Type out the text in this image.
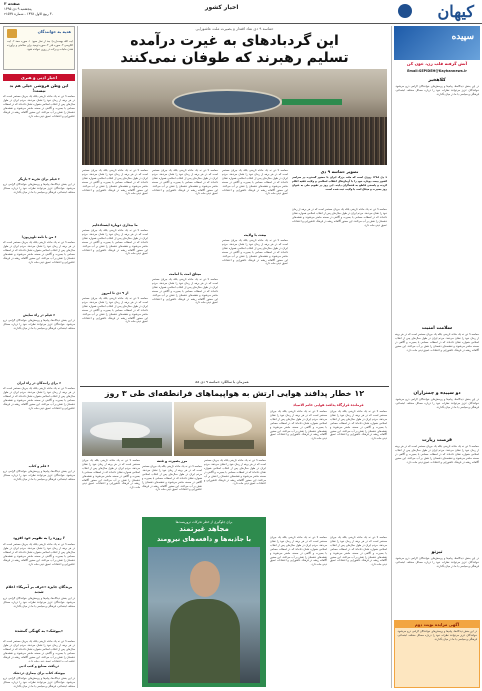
صفحه ۳
پنجشنبه ۹ دی ۱۳۹۵
۳۰ ربیع الاول ۱۴۳۸ - شماره ۲۱۵۳۷
اخبار کشور	کیهان
هدیه به خوانندگان
آیت الله بهجت(ره): بعد از نماز صبح: ۱. سوره حمد ۲. آیت الکرسی ۳. سوره قدر ۴. سوره توحید برای سلامتی و برآورده شدن حاجات و برکت در روزی خوانده شود.
اخبار ادبی و هنری
این وطن فروشی خیلی هم بد نیست!
حماسه ۹ دی نه یک حادثه تاریخی بلکه یک جریان مستمر است که در هر برهه از زمان خود را نشان می‌دهد. مردم ایران در طول سال‌های پس از انقلاب اسلامی همواره نشان داده‌اند که در لحظات حساس با بصیرت و آگاهی در صحنه حاضر می‌شوند و نقشه‌های دشمنان را نقش بر آب می‌کنند. این حضور آگاهانه ریشه در فرهنگ عاشورایی و اعتقادات عمیق دینی ملت دارد.
۶ فیلم برای تجربه ۳ بازیگر
در این بخش دیدگاه‌ها، پیام‌ها و پرسش‌های خوانندگان گرامی درج می‌شود. خوانندگان عزیز می‌توانند نظرات خود را درباره مسائل مختلف اجتماعی، فرهنگی و سیاسی با ما در میان بگذارند.
۶ من با نامه تلویزیون!
حماسه ۹ دی نه یک حادثه تاریخی بلکه یک جریان مستمر است که در هر برهه از زمان خود را نشان می‌دهد. مردم ایران در طول سال‌های پس از انقلاب اسلامی همواره نشان داده‌اند که در لحظات حساس با بصیرت و آگاهی در صحنه حاضر می‌شوند و نقشه‌های دشمنان را نقش بر آب می‌کنند. این حضور آگاهانه ریشه در فرهنگ عاشورایی و اعتقادات عمیق دینی ملت دارد.
۶ فیلم در راه نمایش
در این بخش دیدگاه‌ها، پیام‌ها و پرسش‌های خوانندگان گرامی درج می‌شود. خوانندگان عزیز می‌توانند نظرات خود را درباره مسائل مختلف اجتماعی، فرهنگی و سیاسی با ما در میان بگذارند.
۶ برای رانندگان در راه ایران
حماسه ۹ دی نه یک حادثه تاریخی بلکه یک جریان مستمر است که در هر برهه از زمان خود را نشان می‌دهد. مردم ایران در طول سال‌های پس از انقلاب اسلامی همواره نشان داده‌اند که در لحظات حساس با بصیرت و آگاهی در صحنه حاضر می‌شوند و نقشه‌های دشمنان را نقش بر آب می‌کنند. این حضور آگاهانه ریشه در فرهنگ عاشورایی و اعتقادات عمیق دینی ملت دارد.
۶ فلم و کتاب
در این بخش دیدگاه‌ها، پیام‌ها و پرسش‌های خوانندگان گرامی درج می‌شود. خوانندگان عزیز می‌توانند نظرات خود را درباره مسائل مختلف اجتماعی، فرهنگی و سیاسی با ما در میان بگذارند.
۶ روزه را به تقویم خود افزود
حماسه ۹ دی نه یک حادثه تاریخی بلکه یک جریان مستمر است که در هر برهه از زمان خود را نشان می‌دهد. مردم ایران در طول سال‌های پس از انقلاب اسلامی همواره نشان داده‌اند که در لحظات حساس با بصیرت و آگاهی در صحنه حاضر می‌شوند و نقشه‌های دشمنان را نقش بر آب می‌کنند. این حضور آگاهانه ریشه در فرهنگ عاشورایی و اعتقادات عمیق دینی ملت دارد.
برندگان جایزه «حرف بر آمریکا» اعلام شدند
در این بخش دیدگاه‌ها، پیام‌ها و پرسش‌های خوانندگان گرامی درج می‌شود. خوانندگان عزیز می‌توانند نظرات خود را درباره مسائل مختلف اجتماعی، فرهنگی و سیاسی با ما در میان بگذارند.
«بیوشک» به کهنگی گمشده
حماسه ۹ دی نه یک حادثه تاریخی بلکه یک جریان مستمر است که در هر برهه از زمان خود را نشان می‌دهد. مردم ایران در طول سال‌های پس از انقلاب اسلامی همواره نشان داده‌اند که در لحظات حساس با بصیرت و آگاهی در صحنه حاضر می‌شوند و نقشه‌های دشمنان را نقش بر آب می‌کنند. این حضور آگاهانه ریشه در فرهنگ عاشورایی و اعتقادات عمیق دینی ملت دارد.
دریافت صنایع و کتب ادبی
بیوشک کتاب برای بیماری دردشک
در این بخش دیدگاه‌ها، پیام‌ها و پرسش‌های خوانندگان گرامی درج می‌شود. خوانندگان عزیز می‌توانند نظرات خود را درباره مسائل مختلف اجتماعی، فرهنگی و سیاسی با ما در میان بگذارند.
سپیده
آتش گرفته قلب زن، خون کن
Email:SEPIDEH@Kayhannews.ir
کلاهخبر
در این بخش دیدگاه‌ها، پیام‌ها و پرسش‌های خوانندگان گرامی درج می‌شود. خوانندگان عزیز می‌توانند نظرات خود را درباره مسائل مختلف اجتماعی، فرهنگی و سیاسی با ما در میان بگذارند.
سلامت امنیت
حماسه ۹ دی نه یک حادثه تاریخی بلکه یک جریان مستمر است که در هر برهه از زمان خود را نشان می‌دهد. مردم ایران در طول سال‌های پس از انقلاب اسلامی همواره نشان داده‌اند که در لحظات حساس با بصیرت و آگاهی در صحنه حاضر می‌شوند و نقشه‌های دشمنان را نقش بر آب می‌کنند. این حضور آگاهانه ریشه در فرهنگ عاشورایی و اعتقادات عمیق دینی ملت دارد.
دو سپیده و چمنزاران
در این بخش دیدگاه‌ها، پیام‌ها و پرسش‌های خوانندگان گرامی درج می‌شود. خوانندگان عزیز می‌توانند نظرات خود را درباره مسائل مختلف اجتماعی، فرهنگی و سیاسی با ما در میان بگذارند.
فرصت زیارت
حماسه ۹ دی نه یک حادثه تاریخی بلکه یک جریان مستمر است که در هر برهه از زمان خود را نشان می‌دهد. مردم ایران در طول سال‌های پس از انقلاب اسلامی همواره نشان داده‌اند که در لحظات حساس با بصیرت و آگاهی در صحنه حاضر می‌شوند و نقشه‌های دشمنان را نقش بر آب می‌کنند. این حضور آگاهانه ریشه در فرهنگ عاشورایی و اعتقادات عمیق دینی ملت دارد.
تیزتو
در این بخش دیدگاه‌ها، پیام‌ها و پرسش‌های خوانندگان گرامی درج می‌شود. خوانندگان عزیز می‌توانند نظرات خود را درباره مسائل مختلف اجتماعی، فرهنگی و سیاسی با ما در میان بگذارند.
آگهی مزایده نوبت دوم
در این بخش دیدگاه‌ها، پیام‌ها و پرسش‌های خوانندگان گرامی درج می‌شود. خوانندگان عزیز می‌توانند نظرات خود را درباره مسائل مختلف اجتماعی، فرهنگی و سیاسی با ما در میان بگذارند.
حماسه ۹ دی نماد اقتدار و بصیرت ملت عاشورایی
این گردبادهای به غیرت درآمده
تسلیم رهبرند که طوفان نمی‌کنند
تصویر حماسه ۹ دی
۹ دی ۱۳۸۸ روزی است که ملت بزرگ ایران با حضور گسترده در سراسر کشور بیعت دوباره خود را با آرمان‌های انقلاب اسلامی و ولایت فقیه اعلام کردند و پاسخی قاطع به فتنه‌گران دادند. این روز در تقویم ملی به عنوان روز بصیرت و میثاق امت با ولایت ثبت شده است.
حماسه ۹ دی نه یک حادثه تاریخی بلکه یک جریان مستمر است که در هر برهه از زمان خود را نشان می‌دهد. مردم ایران در طول سال‌های پس از انقلاب اسلامی همواره نشان داده‌اند که در لحظات حساس با بصیرت و آگاهی در صحنه حاضر می‌شوند و نقشه‌های دشمنان را نقش بر آب می‌کنند. این حضور آگاهانه ریشه در فرهنگ عاشورایی و اعتقادات عمیق دینی ملت دارد.
حماسه ۹ دی نه یک حادثه تاریخی بلکه یک جریان مستمر است که در هر برهه از زمان خود را نشان می‌دهد. مردم ایران در طول سال‌های پس از انقلاب اسلامی همواره نشان داده‌اند که در لحظات حساس با بصیرت و آگاهی در صحنه حاضر می‌شوند و نقشه‌های دشمنان را نقش بر آب می‌کنند. این حضور آگاهانه ریشه در فرهنگ عاشورایی و اعتقادات عمیق دینی ملت دارد.
بیعت با ولایت
حماسه ۹ دی نه یک حادثه تاریخی بلکه یک جریان مستمر است که در هر برهه از زمان خود را نشان می‌دهد. مردم ایران در طول سال‌های پس از انقلاب اسلامی همواره نشان داده‌اند که در لحظات حساس با بصیرت و آگاهی در صحنه حاضر می‌شوند و نقشه‌های دشمنان را نقش بر آب می‌کنند. این حضور آگاهانه ریشه در فرهنگ عاشورایی و اعتقادات عمیق دینی ملت دارد.
حماسه ۹ دی نه یک حادثه تاریخی بلکه یک جریان مستمر است که در هر برهه از زمان خود را نشان می‌دهد. مردم ایران در طول سال‌های پس از انقلاب اسلامی همواره نشان داده‌اند که در لحظات حساس با بصیرت و آگاهی در صحنه حاضر می‌شوند و نقشه‌های دشمنان را نقش بر آب می‌کنند. این حضور آگاهانه ریشه در فرهنگ عاشورایی و اعتقادات عمیق دینی ملت دارد.
میثاق امت با امامت
حماسه ۹ دی نه یک حادثه تاریخی بلکه یک جریان مستمر است که در هر برهه از زمان خود را نشان می‌دهد. مردم ایران در طول سال‌های پس از انقلاب اسلامی همواره نشان داده‌اند که در لحظات حساس با بصیرت و آگاهی در صحنه حاضر می‌شوند و نقشه‌های دشمنان را نقش بر آب می‌کنند. این حضور آگاهانه ریشه در فرهنگ عاشورایی و اعتقادات عمیق دینی ملت دارد.
حماسه ۹ دی نه یک حادثه تاریخی بلکه یک جریان مستمر است که در هر برهه از زمان خود را نشان می‌دهد. مردم ایران در طول سال‌های پس از انقلاب اسلامی همواره نشان داده‌اند که در لحظات حساس با بصیرت و آگاهی در صحنه حاضر می‌شوند و نقشه‌های دشمنان را نقش بر آب می‌کنند. این حضور آگاهانه ریشه در فرهنگ عاشورایی و اعتقادات عمیق دینی ملت دارد.
ما بیداری دوباره ایستاده‌ایم
حماسه ۹ دی نه یک حادثه تاریخی بلکه یک جریان مستمر است که در هر برهه از زمان خود را نشان می‌دهد. مردم ایران در طول سال‌های پس از انقلاب اسلامی همواره نشان داده‌اند که در لحظات حساس با بصیرت و آگاهی در صحنه حاضر می‌شوند و نقشه‌های دشمنان را نقش بر آب می‌کنند. این حضور آگاهانه ریشه در فرهنگ عاشورایی و اعتقادات عمیق دینی ملت دارد.
از ۹ دی تا امروز
حماسه ۹ دی نه یک حادثه تاریخی بلکه یک جریان مستمر است که در هر برهه از زمان خود را نشان می‌دهد. مردم ایران در طول سال‌های پس از انقلاب اسلامی همواره نشان داده‌اند که در لحظات حساس با بصیرت و آگاهی در صحنه حاضر می‌شوند و نقشه‌های دشمنان را نقش بر آب می‌کنند. این حضور آگاهانه ریشه در فرهنگ عاشورایی و اعتقادات عمیق دینی ملت دارد.
همزمان با سالگرد حماسه ۹ دی ۸۸
۱۲ خطار پدافند هوایی ارتش به هواپیماهای فرانطقه‌ای طی ۳ روز
فرمانده قرارگاه پدافند هوایی خاتم الانبیاء
حماسه ۹ دی نه یک حادثه تاریخی بلکه یک جریان مستمر است که در هر برهه از زمان خود را نشان می‌دهد. مردم ایران در طول سال‌های پس از انقلاب اسلامی همواره نشان داده‌اند که در لحظات حساس با بصیرت و آگاهی در صحنه حاضر می‌شوند و نقشه‌های دشمنان را نقش بر آب می‌کنند. این حضور آگاهانه ریشه در فرهنگ عاشورایی و اعتقادات عمیق دینی ملت دارد.
حماسه ۹ دی نه یک حادثه تاریخی بلکه یک جریان مستمر است که در هر برهه از زمان خود را نشان می‌دهد. مردم ایران در طول سال‌های پس از انقلاب اسلامی همواره نشان داده‌اند که در لحظات حساس با بصیرت و آگاهی در صحنه حاضر می‌شوند و نقشه‌های دشمنان را نقش بر آب می‌کنند. این حضور آگاهانه ریشه در فرهنگ عاشورایی و اعتقادات عمیق دینی ملت دارد.
حماسه ۹ دی نه یک حادثه تاریخی بلکه یک جریان مستمر است که در هر برهه از زمان خود را نشان می‌دهد. مردم ایران در طول سال‌های پس از انقلاب اسلامی همواره نشان داده‌اند که در لحظات حساس با بصیرت و آگاهی در صحنه حاضر می‌شوند و نقشه‌های دشمنان را نقش بر آب می‌کنند. این حضور آگاهانه ریشه در فرهنگ عاشورایی و اعتقادات عمیق دینی ملت دارد.
مرز بصیرت و فتنه
حماسه ۹ دی نه یک حادثه تاریخی بلکه یک جریان مستمر است که در هر برهه از زمان خود را نشان می‌دهد. مردم ایران در طول سال‌های پس از انقلاب اسلامی همواره نشان داده‌اند که در لحظات حساس با بصیرت و آگاهی در صحنه حاضر می‌شوند و نقشه‌های دشمنان را نقش بر آب می‌کنند. این حضور آگاهانه ریشه در فرهنگ عاشورایی و اعتقادات عمیق دینی ملت دارد.
حماسه ۹ دی نه یک حادثه تاریخی بلکه یک جریان مستمر است که در هر برهه از زمان خود را نشان می‌دهد. مردم ایران در طول سال‌های پس از انقلاب اسلامی همواره نشان داده‌اند که در لحظات حساس با بصیرت و آگاهی در صحنه حاضر می‌شوند و نقشه‌های دشمنان را نقش بر آب می‌کنند. این حضور آگاهانه ریشه در فرهنگ عاشورایی و اعتقادات عمیق دینی ملت دارد.
برای جلوگیری از خطر تحرکات تروریست‌ها
مجاهد غیرتمند
با جاذبه‌ها و دافعه‌های نیرومند	حماسه ۹ دی نه یک حادثه تاریخی بلکه یک جریان مستمر است که در هر برهه از زمان خود را نشان می‌دهد. مردم ایران در طول سال‌های پس از انقلاب اسلامی همواره نشان داده‌اند که در لحظات حساس با بصیرت و آگاهی در صحنه حاضر می‌شوند و نقشه‌های دشمنان را نقش بر آب می‌کنند. این حضور آگاهانه ریشه در فرهنگ عاشورایی و اعتقادات عمیق دینی ملت دارد.
حماسه ۹ دی نه یک حادثه تاریخی بلکه یک جریان مستمر است که در هر برهه از زمان خود را نشان می‌دهد. مردم ایران در طول سال‌های پس از انقلاب اسلامی همواره نشان داده‌اند که در لحظات حساس با بصیرت و آگاهی در صحنه حاضر می‌شوند و نقشه‌های دشمنان را نقش بر آب می‌کنند. این حضور آگاهانه ریشه در فرهنگ عاشورایی و اعتقادات عمیق دینی ملت دارد.
